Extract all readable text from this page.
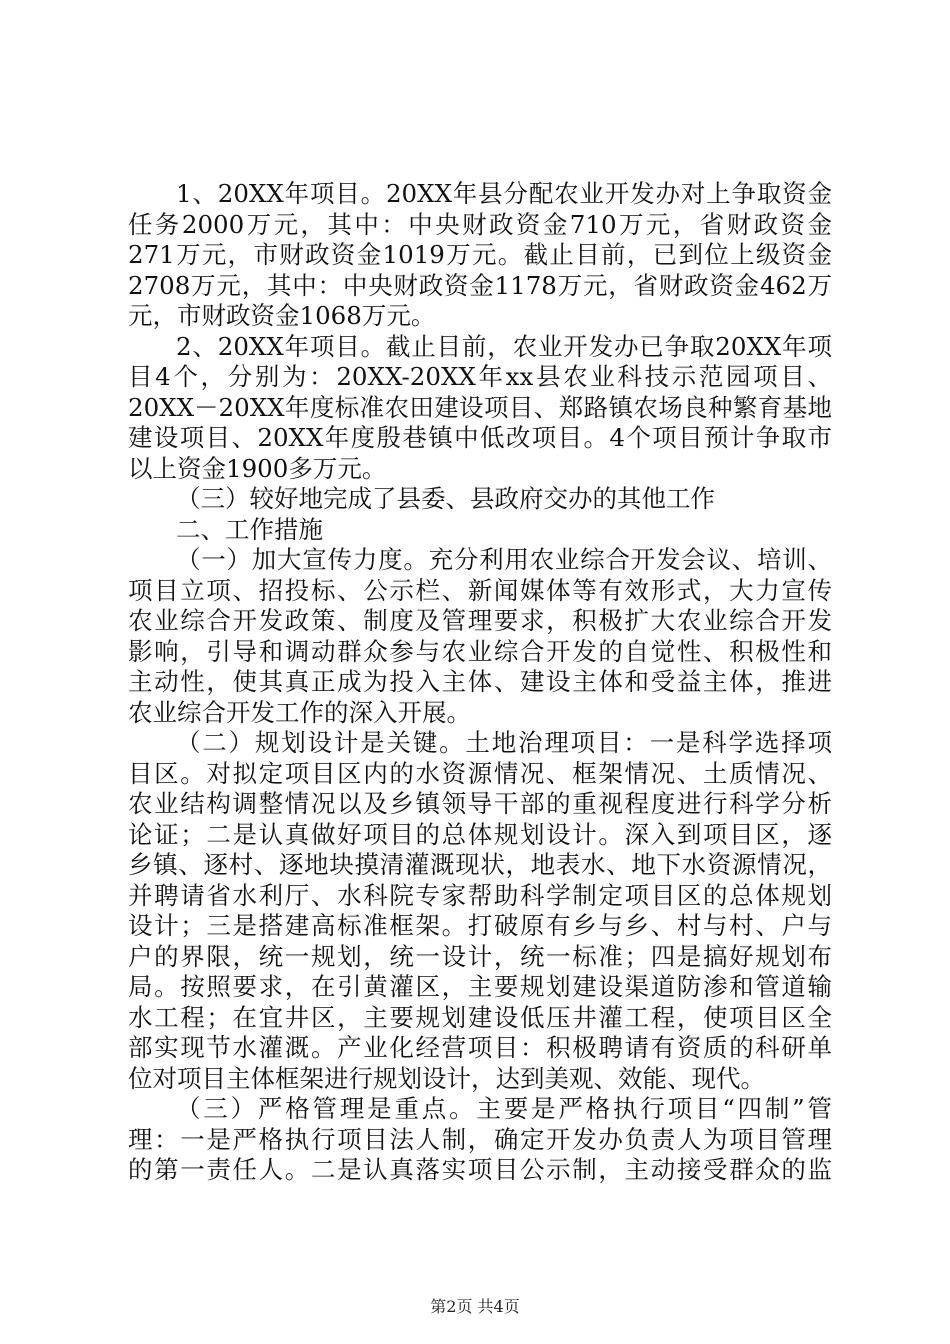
1、20XX年项目。20XX年县分配农业开发办对上争取资金
任务2000万元，其中：中央财政资金710万元，省财政资金
271万元，市财政资金1019万元。截止目前，已到位上级资金
2708万元，其中：中央财政资金1178万元，省财政资金462万
元，市财政资金1068万元。
2、20XX年项目。截止目前，农业开发办已争取20XX年项
目4个，分别为：20XX-20XX年xx县农业科技示范园项目、
20XX－20XX年度标准农田建设项目、郑路镇农场良种繁育基地
建设项目、20XX年度殷巷镇中低改项目。4个项目预计争取市
以上资金1900多万元。
（三）较好地完成了县委、县政府交办的其他工作
二、工作措施
（一）加大宣传力度。充分利用农业综合开发会议、培训、
项目立项、招投标、公示栏、新闻媒体等有效形式，大力宣传
农业综合开发政策、制度及管理要求，积极扩大农业综合开发
影响，引导和调动群众参与农业综合开发的自觉性、积极性和
主动性，使其真正成为投入主体、建设主体和受益主体，推进
农业综合开发工作的深入开展。
（二）规划设计是关键。土地治理项目：一是科学选择项
目区。对拟定项目区内的水资源情况、框架情况、土质情况、
农业结构调整情况以及乡镇领导干部的重视程度进行科学分析
论证；二是认真做好项目的总体规划设计。深入到项目区，逐
乡镇、逐村、逐地块摸清灌溉现状，地表水、地下水资源情况，
并聘请省水利厅、水科院专家帮助科学制定项目区的总体规划
设计；三是搭建高标准框架。打破原有乡与乡、村与村、户与
户的界限，统一规划，统一设计，统一标准；四是搞好规划布
局。按照要求，在引黄灌区，主要规划建设渠道防渗和管道输
水工程；在宜井区，主要规划建设低压井灌工程，使项目区全
部实现节水灌溉。产业化经营项目：积极聘请有资质的科研单
位对项目主体框架进行规划设计，达到美观、效能、现代。
（三）严格管理是重点。主要是严格执行项目“四制”管
理：一是严格执行项目法人制，确定开发办负责人为项目管理
的第一责任人。二是认真落实项目公示制，主动接受群众的监
第2页 共4页
